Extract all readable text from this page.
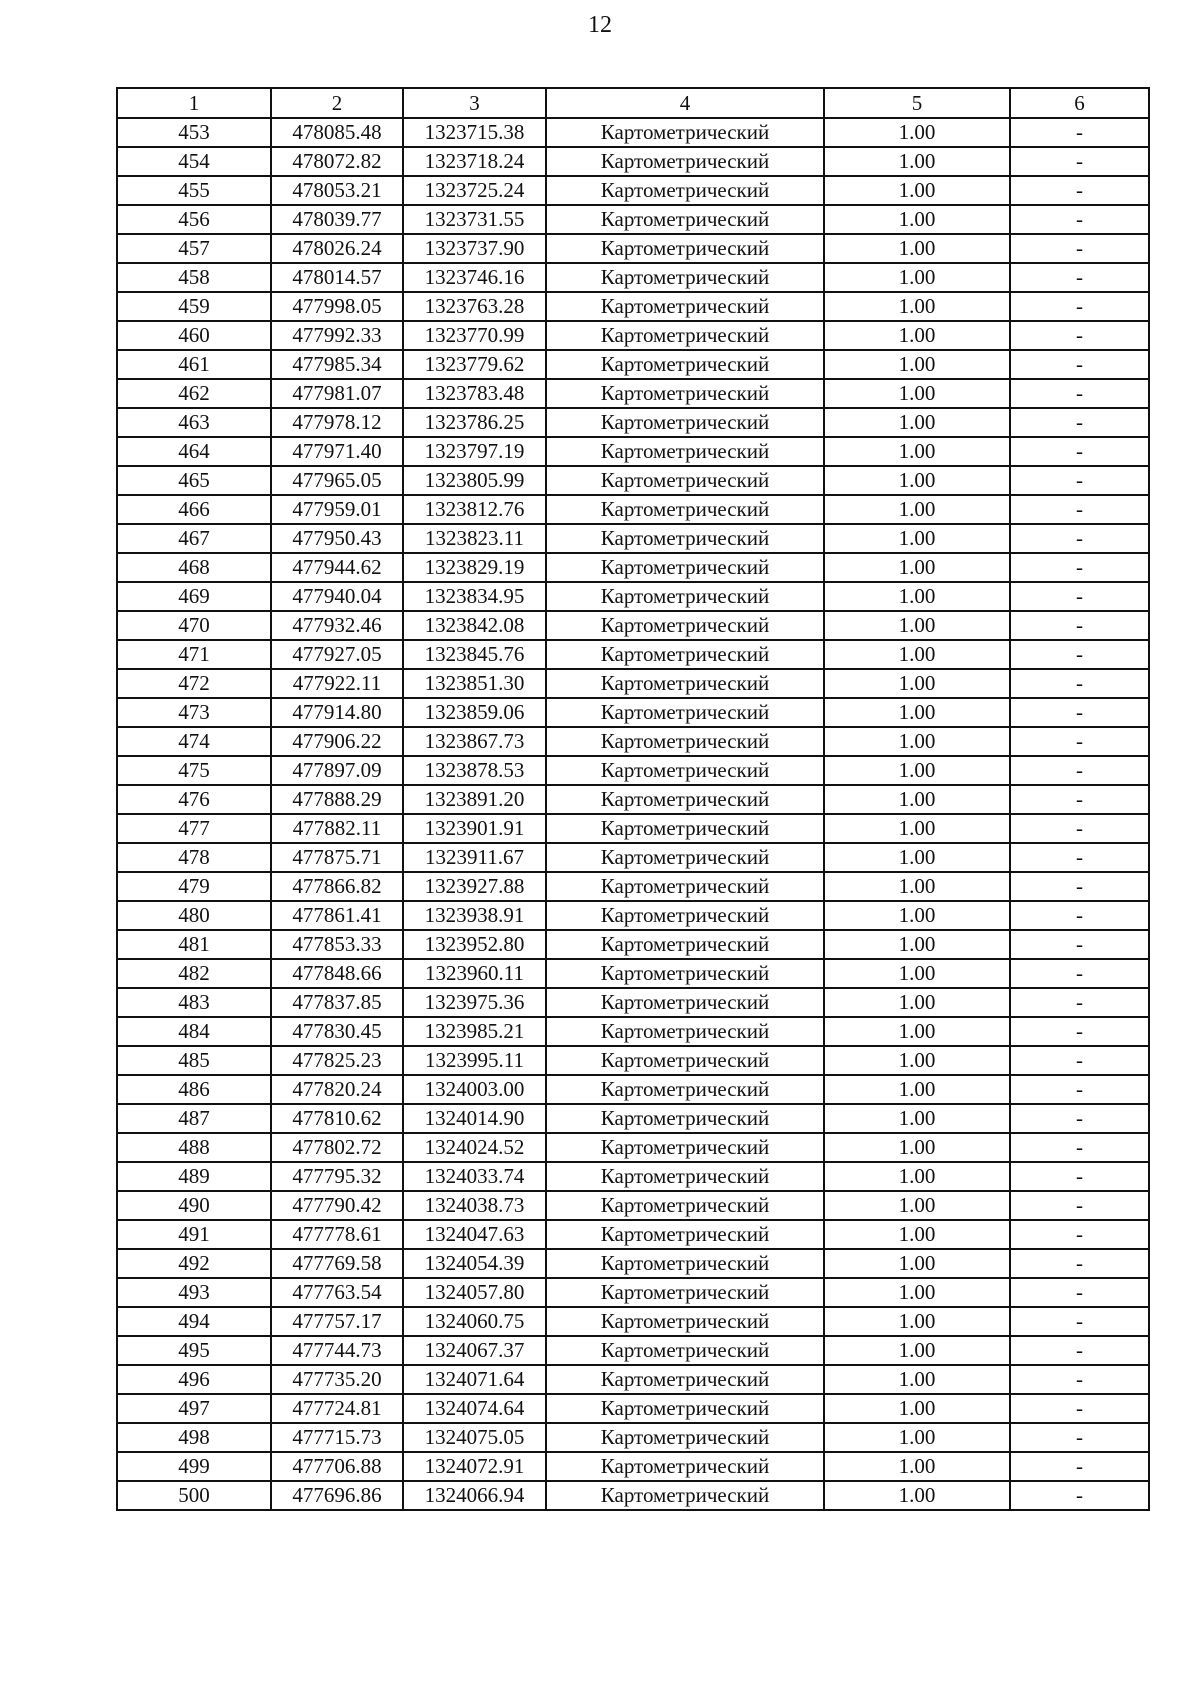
12
1	2	3	4	5	6
453	478085.48	1323715.38	Картометрический	1.00	-
454	478072.82	1323718.24	Картометрический	1.00	-
455	478053.21	1323725.24	Картометрический	1.00	-
456	478039.77	1323731.55	Картометрический	1.00	-
457	478026.24	1323737.90	Картометрический	1.00	-
458	478014.57	1323746.16	Картометрический	1.00	-
459	477998.05	1323763.28	Картометрический	1.00	-
460	477992.33	1323770.99	Картометрический	1.00	-
461	477985.34	1323779.62	Картометрический	1.00	-
462	477981.07	1323783.48	Картометрический	1.00	-
463	477978.12	1323786.25	Картометрический	1.00	-
464	477971.40	1323797.19	Картометрический	1.00	-
465	477965.05	1323805.99	Картометрический	1.00	-
466	477959.01	1323812.76	Картометрический	1.00	-
467	477950.43	1323823.11	Картометрический	1.00	-
468	477944.62	1323829.19	Картометрический	1.00	-
469	477940.04	1323834.95	Картометрический	1.00	-
470	477932.46	1323842.08	Картометрический	1.00	-
471	477927.05	1323845.76	Картометрический	1.00	-
472	477922.11	1323851.30	Картометрический	1.00	-
473	477914.80	1323859.06	Картометрический	1.00	-
474	477906.22	1323867.73	Картометрический	1.00	-
475	477897.09	1323878.53	Картометрический	1.00	-
476	477888.29	1323891.20	Картометрический	1.00	-
477	477882.11	1323901.91	Картометрический	1.00	-
478	477875.71	1323911.67	Картометрический	1.00	-
479	477866.82	1323927.88	Картометрический	1.00	-
480	477861.41	1323938.91	Картометрический	1.00	-
481	477853.33	1323952.80	Картометрический	1.00	-
482	477848.66	1323960.11	Картометрический	1.00	-
483	477837.85	1323975.36	Картометрический	1.00	-
484	477830.45	1323985.21	Картометрический	1.00	-
485	477825.23	1323995.11	Картометрический	1.00	-
486	477820.24	1324003.00	Картометрический	1.00	-
487	477810.62	1324014.90	Картометрический	1.00	-
488	477802.72	1324024.52	Картометрический	1.00	-
489	477795.32	1324033.74	Картометрический	1.00	-
490	477790.42	1324038.73	Картометрический	1.00	-
491	477778.61	1324047.63	Картометрический	1.00	-
492	477769.58	1324054.39	Картометрический	1.00	-
493	477763.54	1324057.80	Картометрический	1.00	-
494	477757.17	1324060.75	Картометрический	1.00	-
495	477744.73	1324067.37	Картометрический	1.00	-
496	477735.20	1324071.64	Картометрический	1.00	-
497	477724.81	1324074.64	Картометрический	1.00	-
498	477715.73	1324075.05	Картометрический	1.00	-
499	477706.88	1324072.91	Картометрический	1.00	-
500	477696.86	1324066.94	Картометрический	1.00	-
